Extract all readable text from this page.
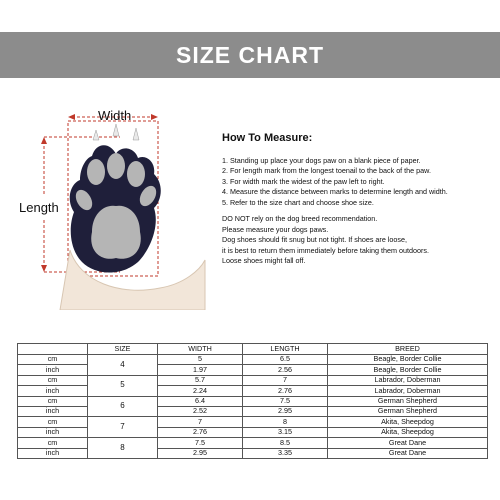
SIZE CHART
Width
Length
How To Measure:
1. Standing up place your dogs paw on a blank piece of paper.
2. For length mark from the longest toenail to the back of the paw.
3. For width mark the widest of the paw left to right.
4. Measure the distance between marks to determine length and width.
5. Refer to the size chart and choose shoe size.
DO NOT rely on the dog breed recommendation.
Please measure your dogs paws.
Dog shoes should fit snug but not tight. If shoes are loose,
it is best to return them immediately before taking them outdoors.
Loose shoes might fall off.
	SIZE	WIDTH	LENGTH	BREED
cm	4	5	6.5	Beagle, Border Collie
inch		1.97	2.56	Beagle, Border Collie
cm	5	5.7	7	Labrador, Doberman
inch		2.24	2.76	Labrador, Doberman
cm	6	6.4	7.5	German Shepherd
inch		2.52	2.95	German Shepherd
cm	7	7	8	Akita, Sheepdog
inch		2.76	3.15	Akita, Sheepdog
cm	8	7.5	8.5	Great Dane
inch		2.95	3.35	Great Dane
